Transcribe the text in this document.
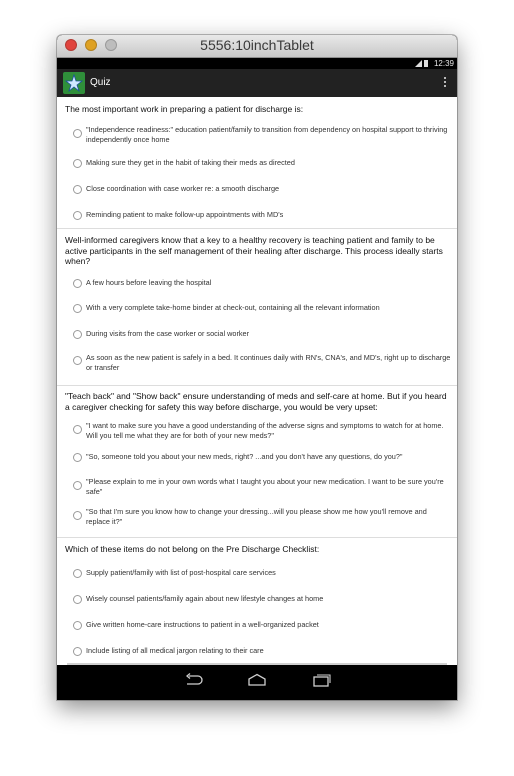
5556:10inchTablet
12:39
Quiz
The most important work in preparing a patient for discharge is:
"Independence readiness:" education patient/family to transition from dependency on hospital support to thriving independently once home
Making sure they get in the habit of taking their meds as directed
Close coordination with case worker re: a smooth discharge
Reminding patient to make follow-up appointments with MD's
Well-informed caregivers know that a key to a healthy recovery is teaching patient and family to be active participants in the self management of their healing after discharge. This process ideally starts when?
A few hours before leaving the hospital
With a very complete take-home binder at check-out, containing all the relevant information
During visits from the case worker or social worker
As soon as the new patient is safely in a bed. It continues daily with RN's, CNA's, and MD's, right up to discharge or transfer
"Teach back" and "Show back" ensure understanding of meds and self-care at home. But if you heard a caregiver checking for safety this way before discharge, you would be very upset:
"I want to make sure you have a good understanding of the adverse signs and symptoms to watch for at home. Will you tell me what they are for both of your new meds?"
"So, someone told you about your new meds, right? ...and you don't have any questions, do you?"
"Please explain to me in your own words what I taught you about your new medication. I want to be sure you're safe"
"So that I'm sure you know how to change your dressing...will you please show me how you'll remove and replace it?"
Which of these items do not belong on the Pre Discharge Checklist:
Supply patient/family with list of post-hospital care services
Wisely counsel patients/family again about new lifestyle changes at home
Give written home-care instructions to patient in a well-organized packet
Include listing of all medical jargon relating to their care
